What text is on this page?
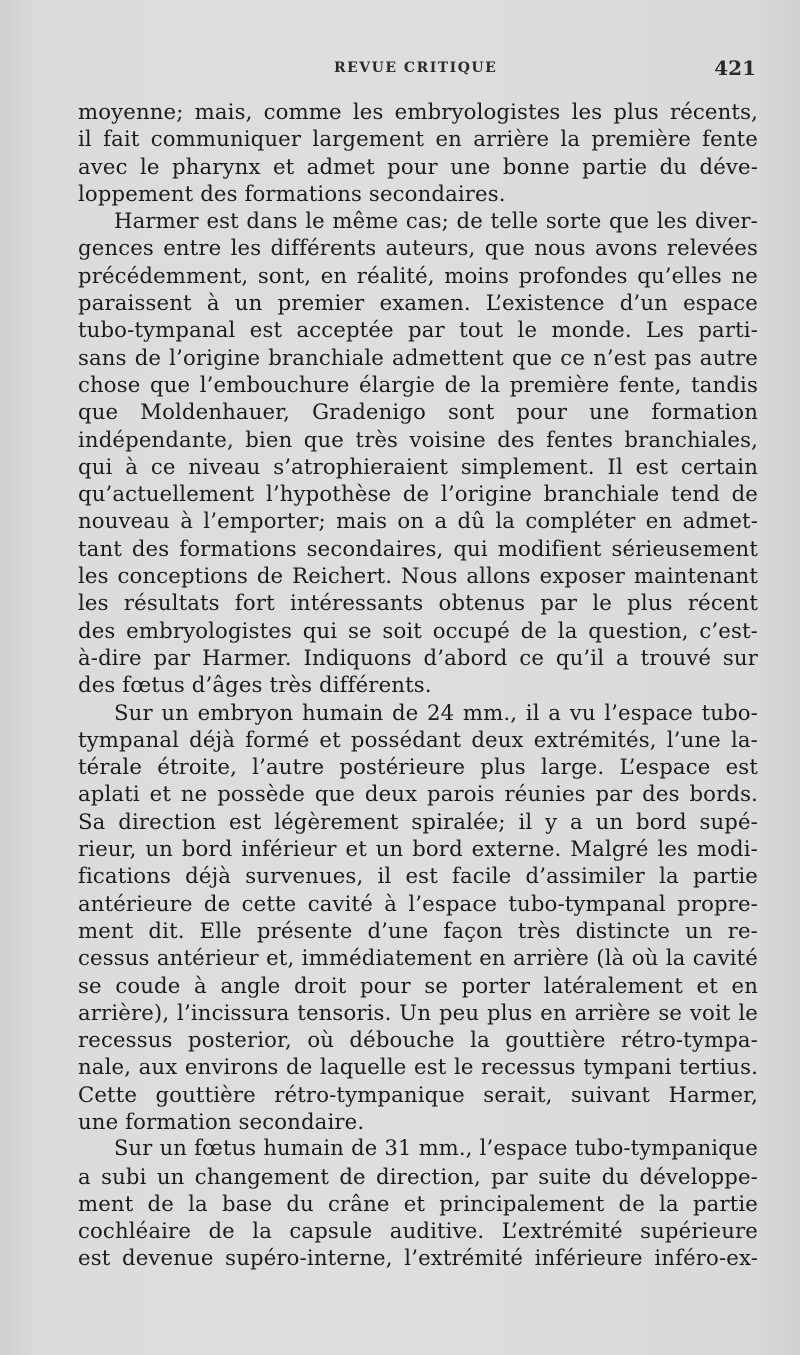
REVUE CRITIQUE	421
moyenne; mais, comme les embryologistes les plus récents,
il fait communiquer largement en arrière la première fente
avec le pharynx et admet pour une bonne partie du déve-
loppement des formations secondaires.
Harmer est dans le même cas; de telle sorte que les diver-
gences entre les différents auteurs, que nous avons relevées
précédemment, sont, en réalité, moins profondes qu’elles ne
paraissent à un premier examen. L’existence d’un espace
tubo-tympanal est acceptée par tout le monde. Les parti-
sans de l’origine branchiale admettent que ce n’est pas autre
chose que l’embouchure élargie de la première fente, tandis
que Moldenhauer, Gradenigo sont pour une formation
indépendante, bien que très voisine des fentes branchiales,
qui à ce niveau s’atrophieraient simplement. Il est certain
qu’actuellement l’hypothèse de l’origine branchiale tend de
nouveau à l’emporter; mais on a dû la compléter en admet-
tant des formations secondaires, qui modifient sérieusement
les conceptions de Reichert. Nous allons exposer maintenant
les résultats fort intéressants obtenus par le plus récent
des embryologistes qui se soit occupé de la question, c’est-
à-dire par Harmer. Indiquons d’abord ce qu’il a trouvé sur
des fœtus d’âges très différents.
Sur un embryon humain de 24 mm., il a vu l’espace tubo-
tympanal déjà formé et possédant deux extrémités, l’une la-
térale étroite, l’autre postérieure plus large. L’espace est
aplati et ne possède que deux parois réunies par des bords.
Sa direction est légèrement spiralée; il y a un bord supé-
rieur, un bord inférieur et un bord externe. Malgré les modi-
fications déjà survenues, il est facile d’assimiler la partie
antérieure de cette cavité à l’espace tubo-tympanal propre-
ment dit. Elle présente d’une façon très distincte un re-
cessus antérieur et, immédiatement en arrière (là où la cavité
se coude à angle droit pour se porter latéralement et en
arrière), l’incissura tensoris. Un peu plus en arrière se voit le
recessus posterior, où débouche la gouttière rétro-tympa-
nale, aux environs de laquelle est le recessus tympani tertius.
Cette gouttière rétro-tympanique serait, suivant Harmer,
une formation secondaire.
Sur un fœtus humain de 31 mm., l’espace tubo-tympanique
a subi un changement de direction, par suite du développe-
ment de la base du crâne et principalement de la partie
cochléaire de la capsule auditive. L’extrémité supérieure
est devenue supéro-interne, l’extrémité inférieure inféro-ex-
